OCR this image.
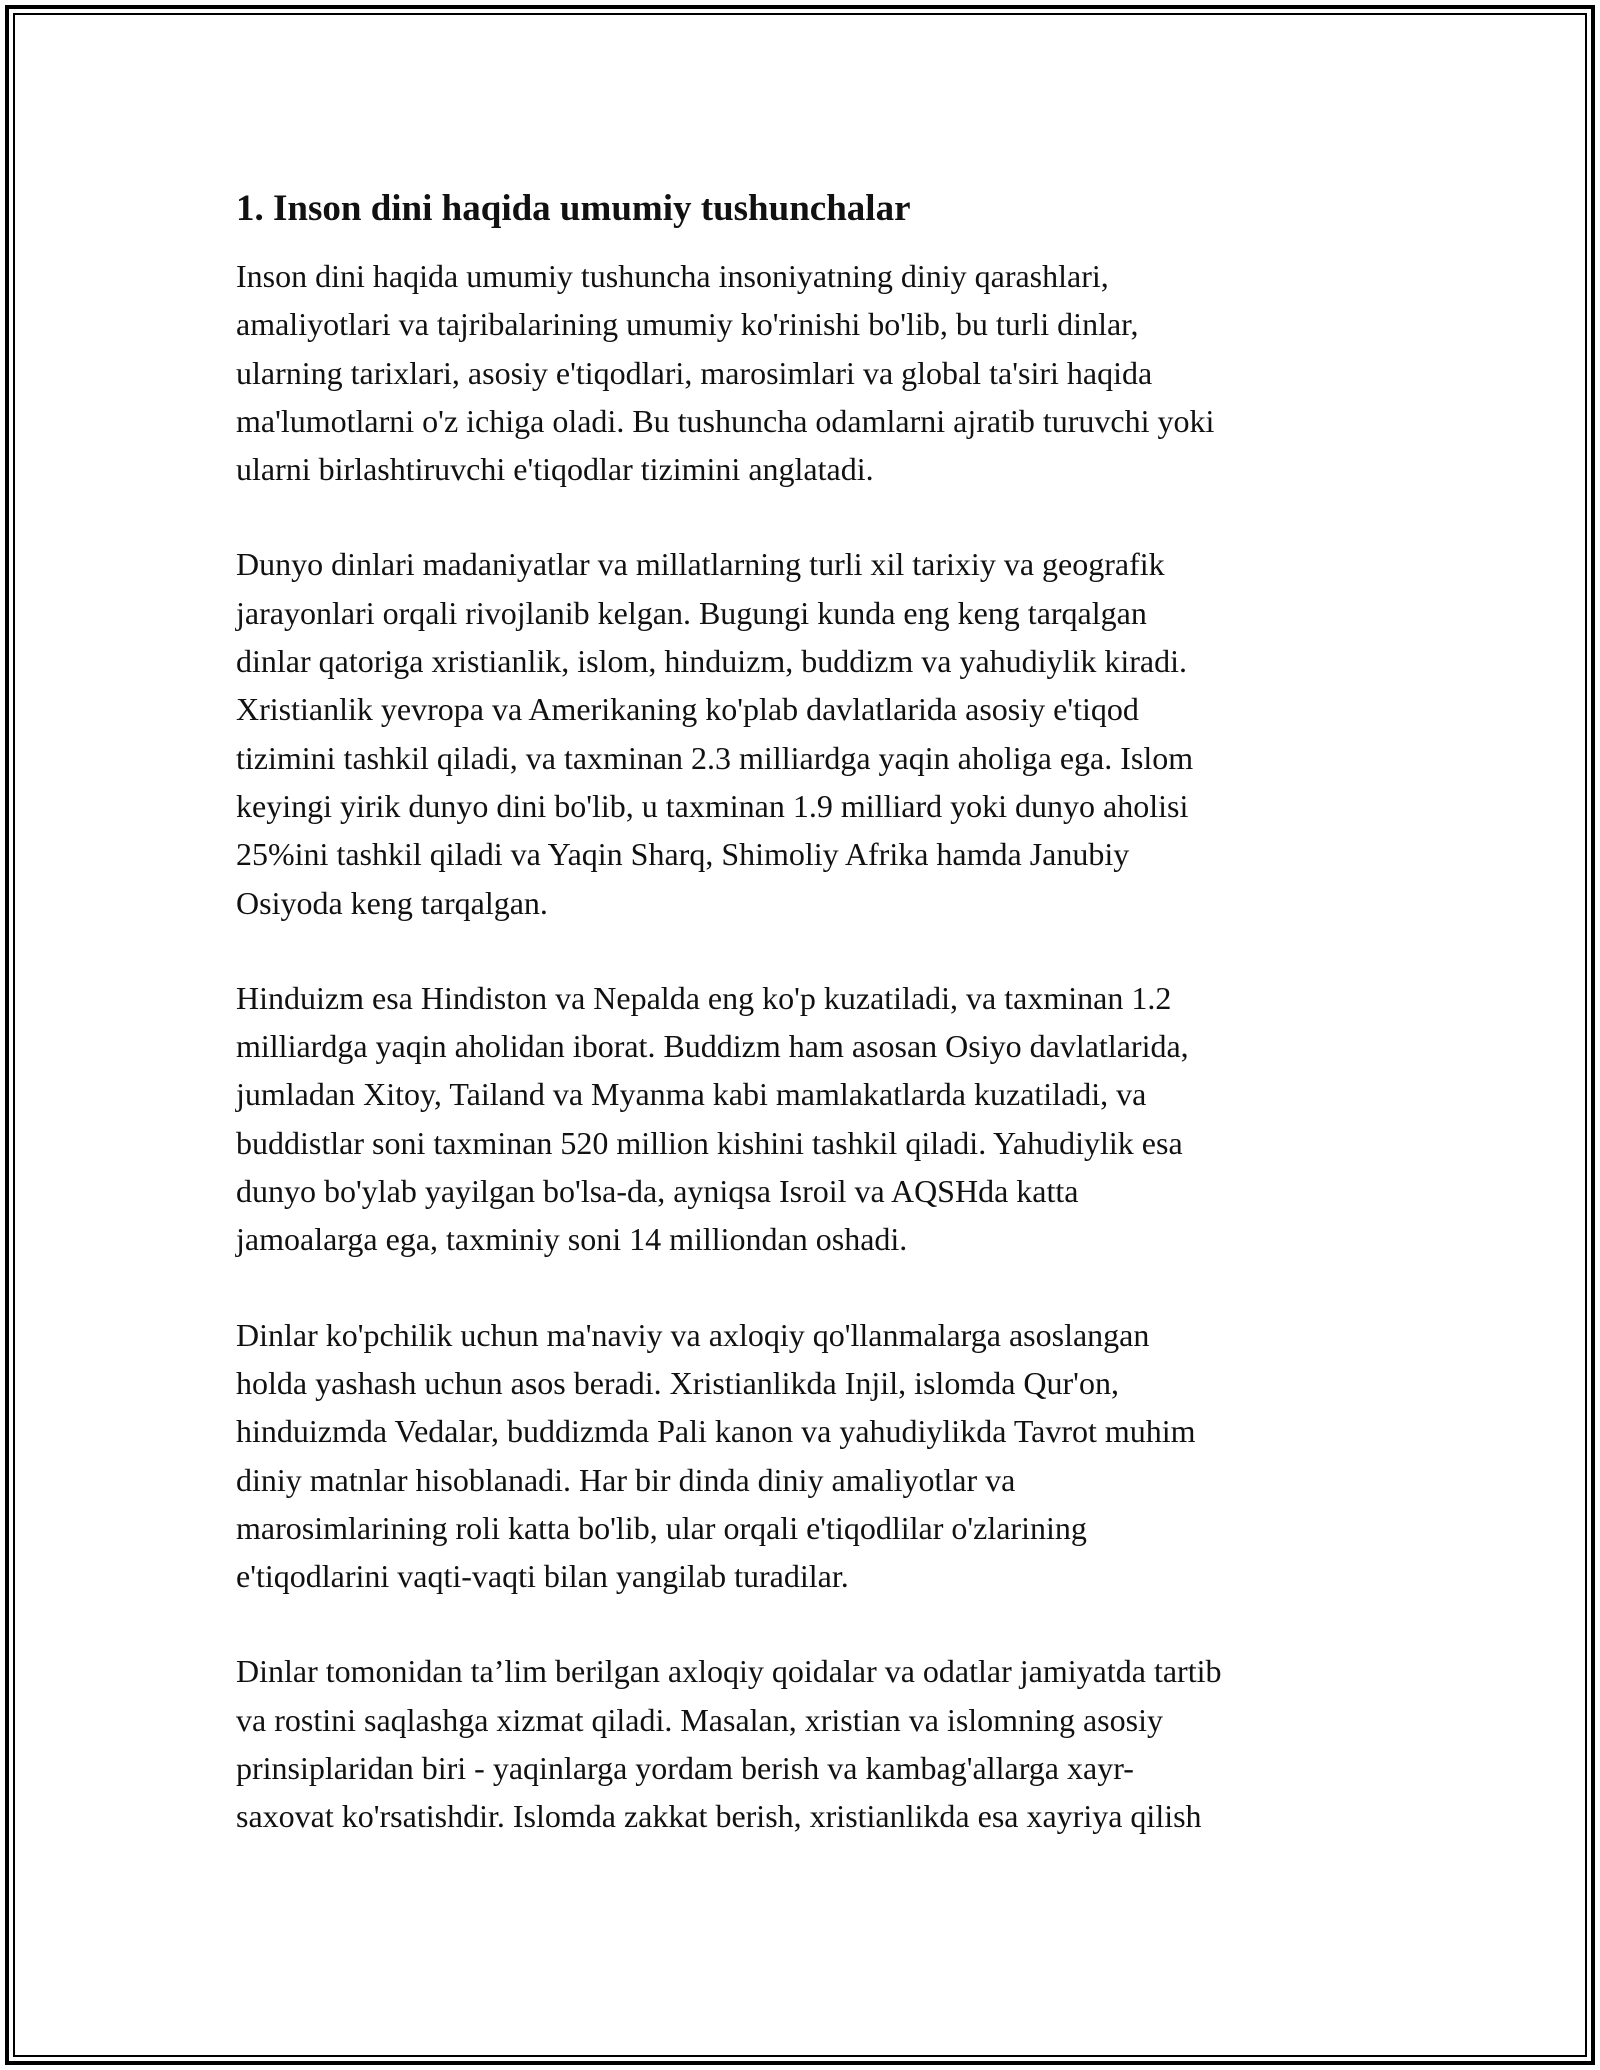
1. Inson dini haqida umumiy tushunchalar

Inson dini haqida umumiy tushuncha insoniyatning diniy qarashlari,
amaliyotlari va tajribalarining umumiy ko'rinishi bo'lib, bu turli dinlar,
ularning tarixlari, asosiy e'tiqodlari, marosimlari va global ta'siri haqida
ma'lumotlarni o'z ichiga oladi. Bu tushuncha odamlarni ajratib turuvchi yoki
ularni birlashtiruvchi e'tiqodlar tizimini anglatadi.

Dunyo dinlari madaniyatlar va millatlarning turli xil tarixiy va geografik
jarayonlari orqali rivojlanib kelgan. Bugungi kunda eng keng tarqalgan
dinlar qatoriga xristianlik, islom, hinduizm, buddizm va yahudiylik kiradi.
Xristianlik yevropa va Amerikaning ko'plab davlatlarida asosiy e'tiqod
tizimini tashkil qiladi, va taxminan 2.3 milliardga yaqin aholiga ega. Islom
keyingi yirik dunyo dini bo'lib, u taxminan 1.9 milliard yoki dunyo aholisi
25%ini tashkil qiladi va Yaqin Sharq, Shimoliy Afrika hamda Janubiy
Osiyoda keng tarqalgan.

Hinduizm esa Hindiston va Nepalda eng ko'p kuzatiladi, va taxminan 1.2
milliardga yaqin aholidan iborat. Buddizm ham asosan Osiyo davlatlarida,
jumladan Xitoy, Tailand va Myanma kabi mamlakatlarda kuzatiladi, va
buddistlar soni taxminan 520 million kishini tashkil qiladi. Yahudiylik esa
dunyo bo'ylab yayilgan bo'lsa-da, ayniqsa Isroil va AQSHda katta
jamoalarga ega, taxminiy soni 14 milliondan oshadi.

Dinlar ko'pchilik uchun ma'naviy va axloqiy qo'llanmalarga asoslangan
holda yashash uchun asos beradi. Xristianlikda Injil, islomda Qur'on,
hinduizmda Vedalar, buddizmda Pali kanon va yahudiylikda Tavrot muhim
diniy matnlar hisoblanadi. Har bir dinda diniy amaliyotlar va
marosimlarining roli katta bo'lib, ular orqali e'tiqodlilar o'zlarining
e'tiqodlarini vaqti-vaqti bilan yangilab turadilar.

Dinlar tomonidan ta’lim berilgan axloqiy qoidalar va odatlar jamiyatda tartib
va rostini saqlashga xizmat qiladi. Masalan, xristian va islomning asosiy
prinsiplaridan biri - yaqinlarga yordam berish va kambag'allarga xayr-
saxovat ko'rsatishdir. Islomda zakkat berish, xristianlikda esa xayriya qilish
